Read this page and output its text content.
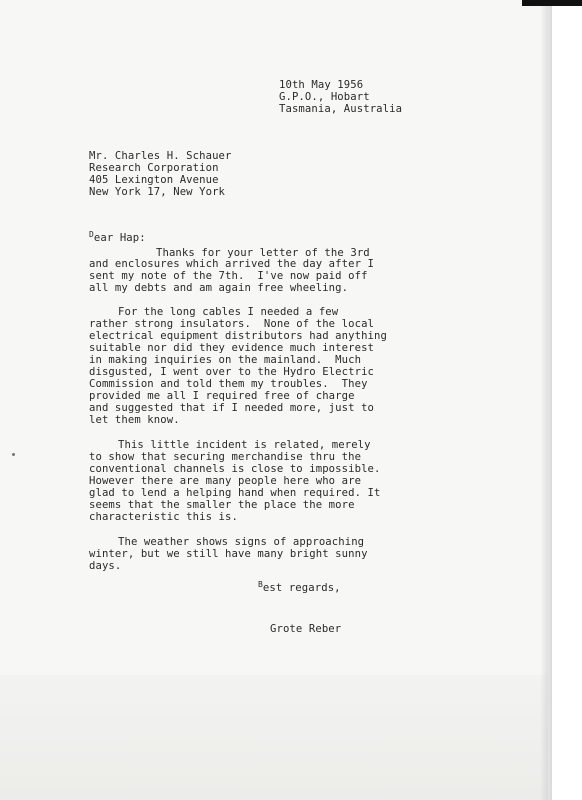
10th May 1956
G.P.O., Hobart
Tasmania, Australia
Mr. Charles H. Schauer
Research Corporation
405 Lexington Avenue
New York 17, New York
$^D$ear Hap:
Thanks for your letter of the 3rd
and enclosures which arrived the day after I
sent my note of the 7th.  I've now paid off
all my debts and am again free wheeling.
For the long cables I needed a few
rather strong insulators.  None of the local
electrical equipment distributors had anything
suitable nor did they evidence much interest
in making inquiries on the mainland.  Much
disgusted, I went over to the Hydro Electric
Commission and told them my troubles.  They
provided me all I required free of charge
and suggested that if I needed more, just to
let them know.
This little incident is related, merely
to show that securing merchandise thru the
conventional channels is close to impossible.
However there are many people here who are
glad to lend a helping hand when required. It
seems that the smaller the place the more
characteristic this is.
The weather shows signs of approaching
winter, but we still have many bright sunny
days.
$^B$est regards,
Grote Reber
